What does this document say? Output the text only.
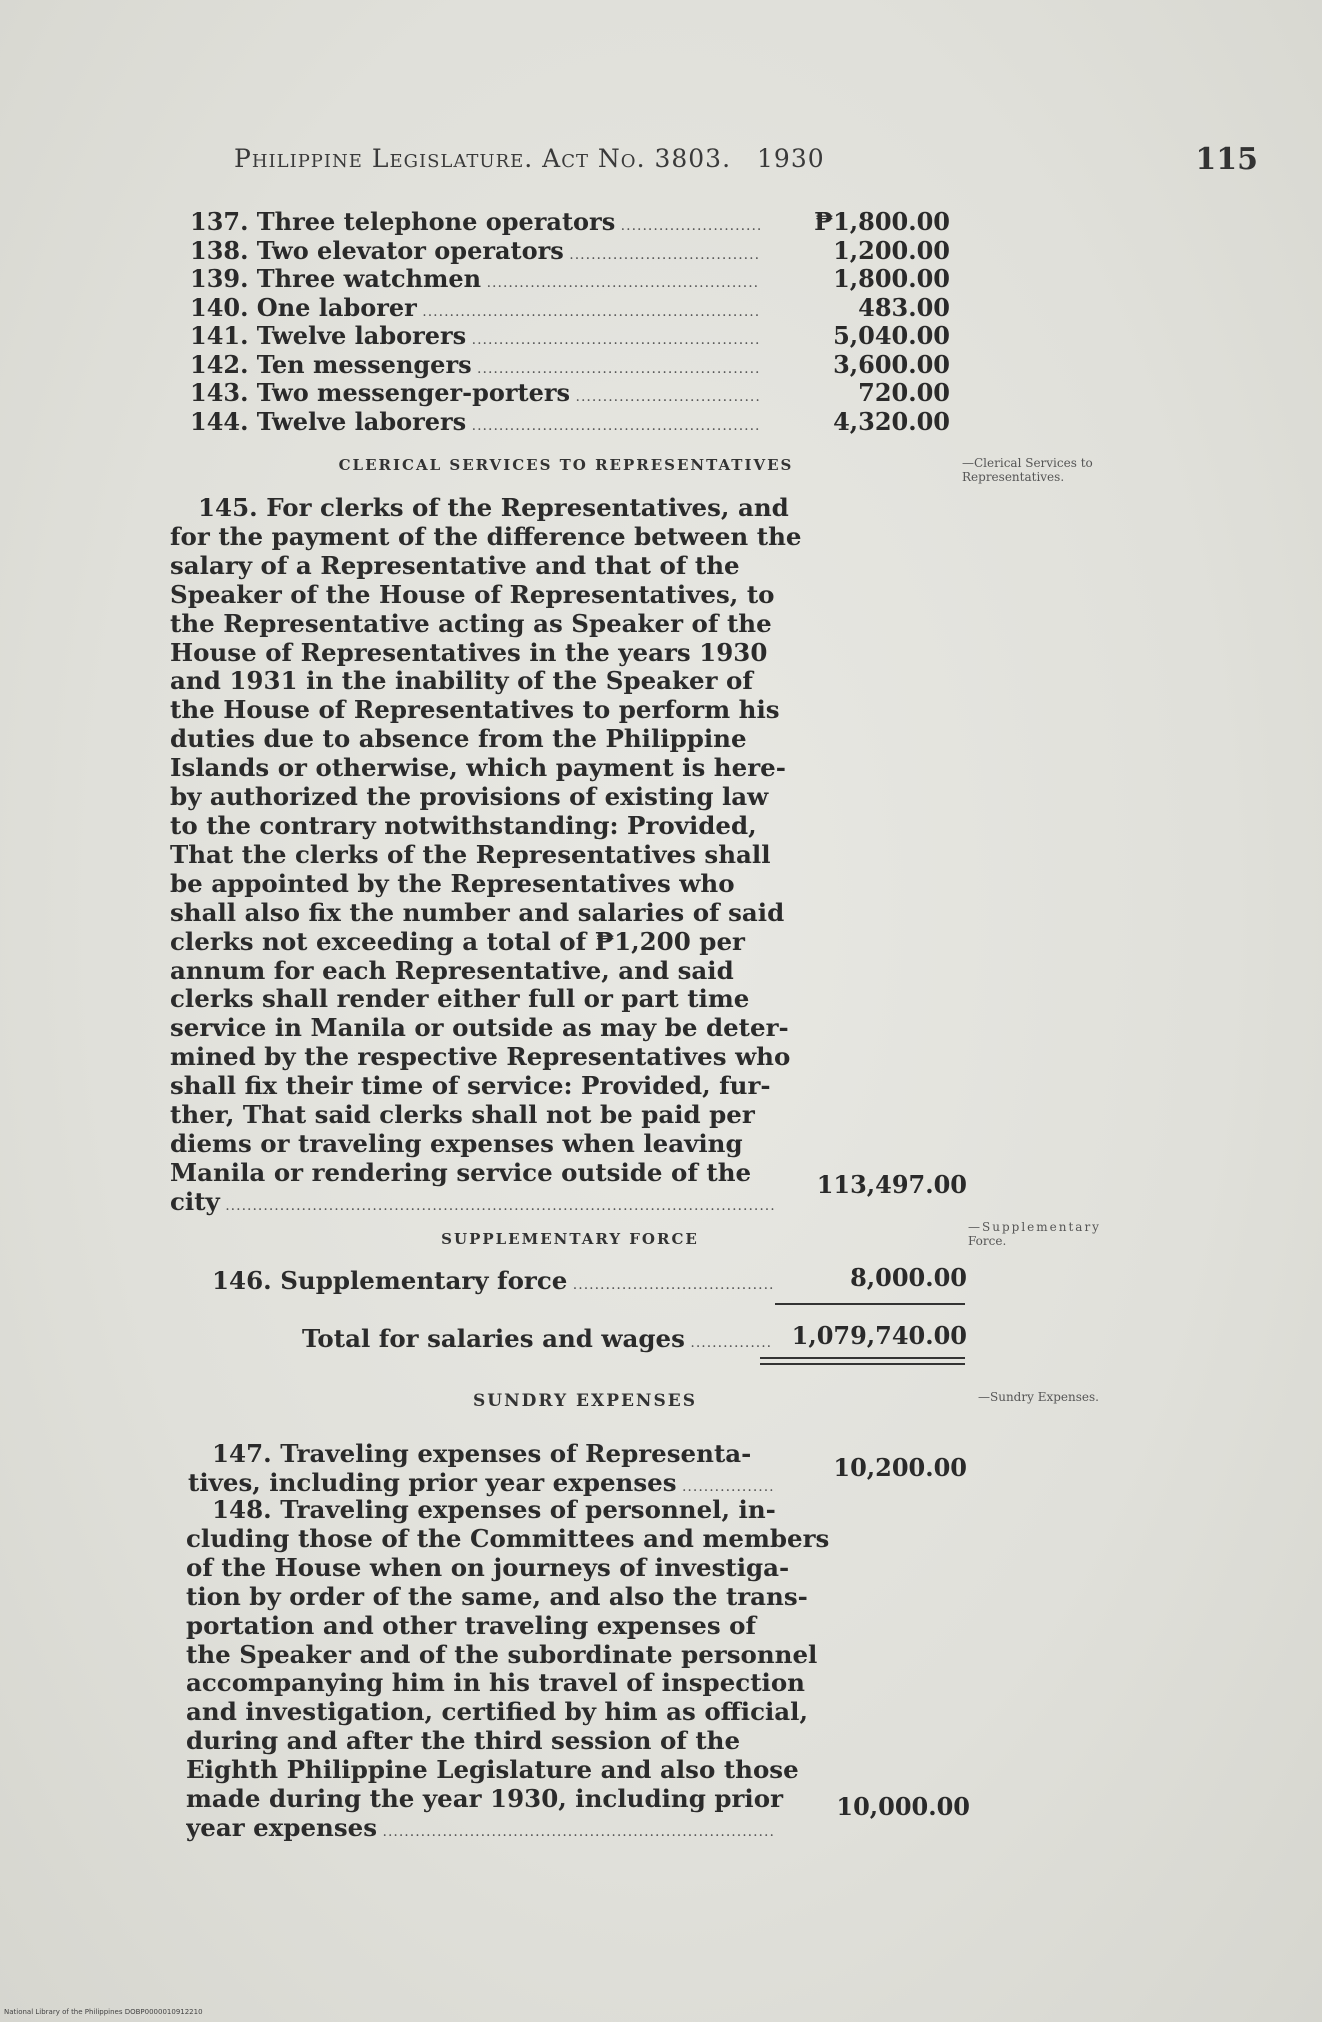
Philippine Legislature. Act No. 3803. 1930	115
137. Three telephone operators .....	₱1,800.00
138. Two elevator operators .....	1,200.00
139. Three watchmen .....	1,800.00
140. One laborer .....	483.00
141. Twelve laborers .....	5,040.00
142. Ten messengers .....	3,600.00
143. Two messenger-porters .....	720.00
144. Twelve laborers .....	4,320.00
CLERICAL SERVICES TO REPRESENTATIVES	—Clerical Services to
Representatives.
145. For clerks of the Representatives, and
for the payment of the difference between the
salary of a Representative and that of the
Speaker of the House of Representatives, to
the Representative acting as Speaker of the
House of Representatives in the years 1930
and 1931 in the inability of the Speaker of
the House of Representatives to perform his
duties due to absence from the Philippine
Islands or otherwise, which payment is here-
by authorized the provisions of existing law
to the contrary notwithstanding: Provided,
That the clerks of the Representatives shall
be appointed by the Representatives who
shall also fix the number and salaries of said
clerks not exceeding a total of ₱1,200 per
annum for each Representative, and said
clerks shall render either full or part time
service in Manila or outside as may be deter-
mined by the respective Representatives who
shall fix their time of service: Provided, fur-
ther, That said clerks shall not be paid per
diems or traveling expenses when leaving
Manila or rendering service outside of the
city .....
113,497.00
SUPPLEMENTARY FORCE
—Supplementary
Force.
146. Supplementary force .....	8,000.00
Total for salaries and wages .....	1,079,740.00
SUNDRY EXPENSES	—Sundry Expenses.
147. Traveling expenses of Representa-
tives, including prior year expenses .....
10,200.00
148. Traveling expenses of personnel, in-
cluding those of the Committees and members
of the House when on journeys of investiga-
tion by order of the same, and also the trans-
portation and other traveling expenses of
the Speaker and of the subordinate personnel
accompanying him in his travel of inspection
and investigation, certified by him as official,
during and after the third session of the
Eighth Philippine Legislature and also those
made during the year 1930, including prior
year expenses .....
10,000.00
National Library of the Philippines DOBP0000010912210
